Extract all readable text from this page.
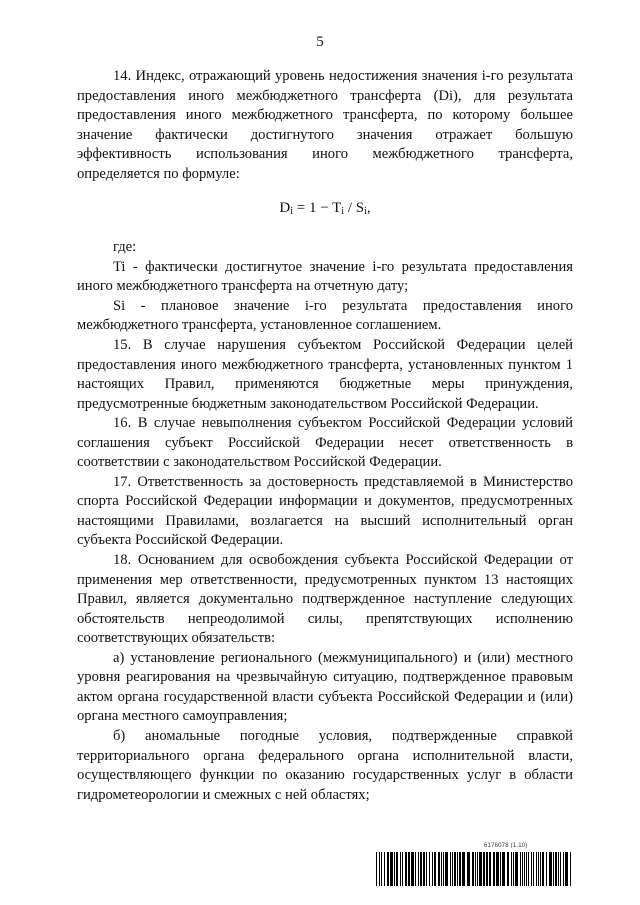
5

14. Индекс, отражающий уровень недостижения значения i-го результата предоставления иного межбюджетного трансферта (Di), для результата предоставления иного межбюджетного трансферта, по которому большее значение фактически достигнутого значения отражает большую эффективность использования иного межбюджетного трансферта, определяется по формуле:

$D_i = 1 - T_i / S_i$,

где:

Ti - фактически достигнутое значение i-го результата предоставления иного межбюджетного трансферта на отчетную дату;

Si - плановое значение i-го результата предоставления иного межбюджетного трансферта, установленное соглашением.

15. В случае нарушения субъектом Российской Федерации целей предоставления иного межбюджетного трансферта, установленных пунктом 1 настоящих Правил, применяются бюджетные меры принуждения, предусмотренные бюджетным законодательством Российской Федерации.

16. В случае невыполнения субъектом Российской Федерации условий соглашения субъект Российской Федерации несет ответственность в соответствии с законодательством Российской Федерации.

17. Ответственность за достоверность представляемой в Министерство спорта Российской Федерации информации и документов, предусмотренных настоящими Правилами, возлагается на высший исполнительный орган субъекта Российской Федерации.

18. Основанием для освобождения субъекта Российской Федерации от применения мер ответственности, предусмотренных пунктом 13 настоящих Правил, является документально подтвержденное наступление следующих обстоятельств непреодолимой силы, препятствующих исполнению соответствующих обязательств:

а) установление регионального (межмуниципального) и (или) местного уровня реагирования на чрезвычайную ситуацию, подтвержденное правовым актом органа государственной власти субъекта Российской Федерации и (или) органа местного самоуправления;

б) аномальные погодные условия, подтвержденные справкой территориального органа федерального органа исполнительной власти, осуществляющего функции по оказанию государственных услуг в области гидрометеорологии и смежных с ней областях;

6176078 (1.10)
